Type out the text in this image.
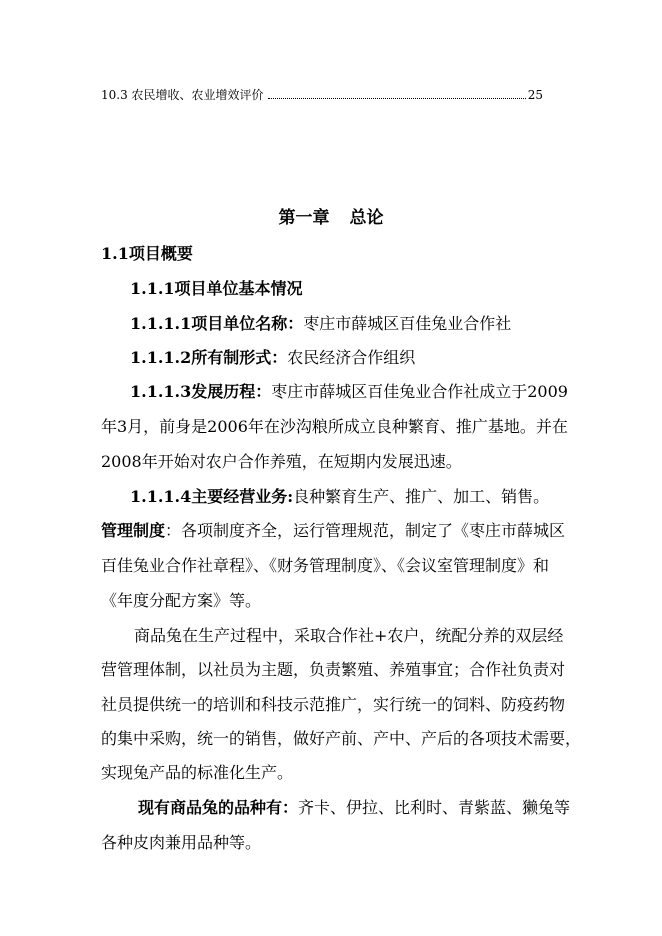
10.3 农民增收、农业增效评价	25
第一章 总论
1.1项目概要
1.1.1项目单位基本情况
1.1.1.1项目单位名称：枣庄市薛城区百佳兔业合作社
1.1.1.2所有制形式：农民经济合作组织
1.1.1.3发展历程：枣庄市薛城区百佳兔业合作社成立于2009
年3月，前身是2006年在沙沟粮所成立良种繁育、推广基地。并在
2008年开始对农户合作养殖，在短期内发展迅速。
1.1.1.4主要经营业务:良种繁育生产、推广、加工、销售。
管理制度：各项制度齐全，运行管理规范，制定了《枣庄市薛城区
百佳兔业合作社章程》、《财务管理制度》、《会议室管理制度》和
《年度分配方案》等。
商品兔在生产过程中，采取合作社+农户，统配分养的双层经
营管理体制，以社员为主题，负责繁殖、养殖事宜；合作社负责对
社员提供统一的培训和科技示范推广，实行统一的饲料、防疫药物
的集中采购，统一的销售，做好产前、产中、产后的各项技术需要，
实现兔产品的标准化生产。
现有商品兔的品种有：齐卡、伊拉、比利时、青紫蓝、獭兔等
各种皮肉兼用品种等。
